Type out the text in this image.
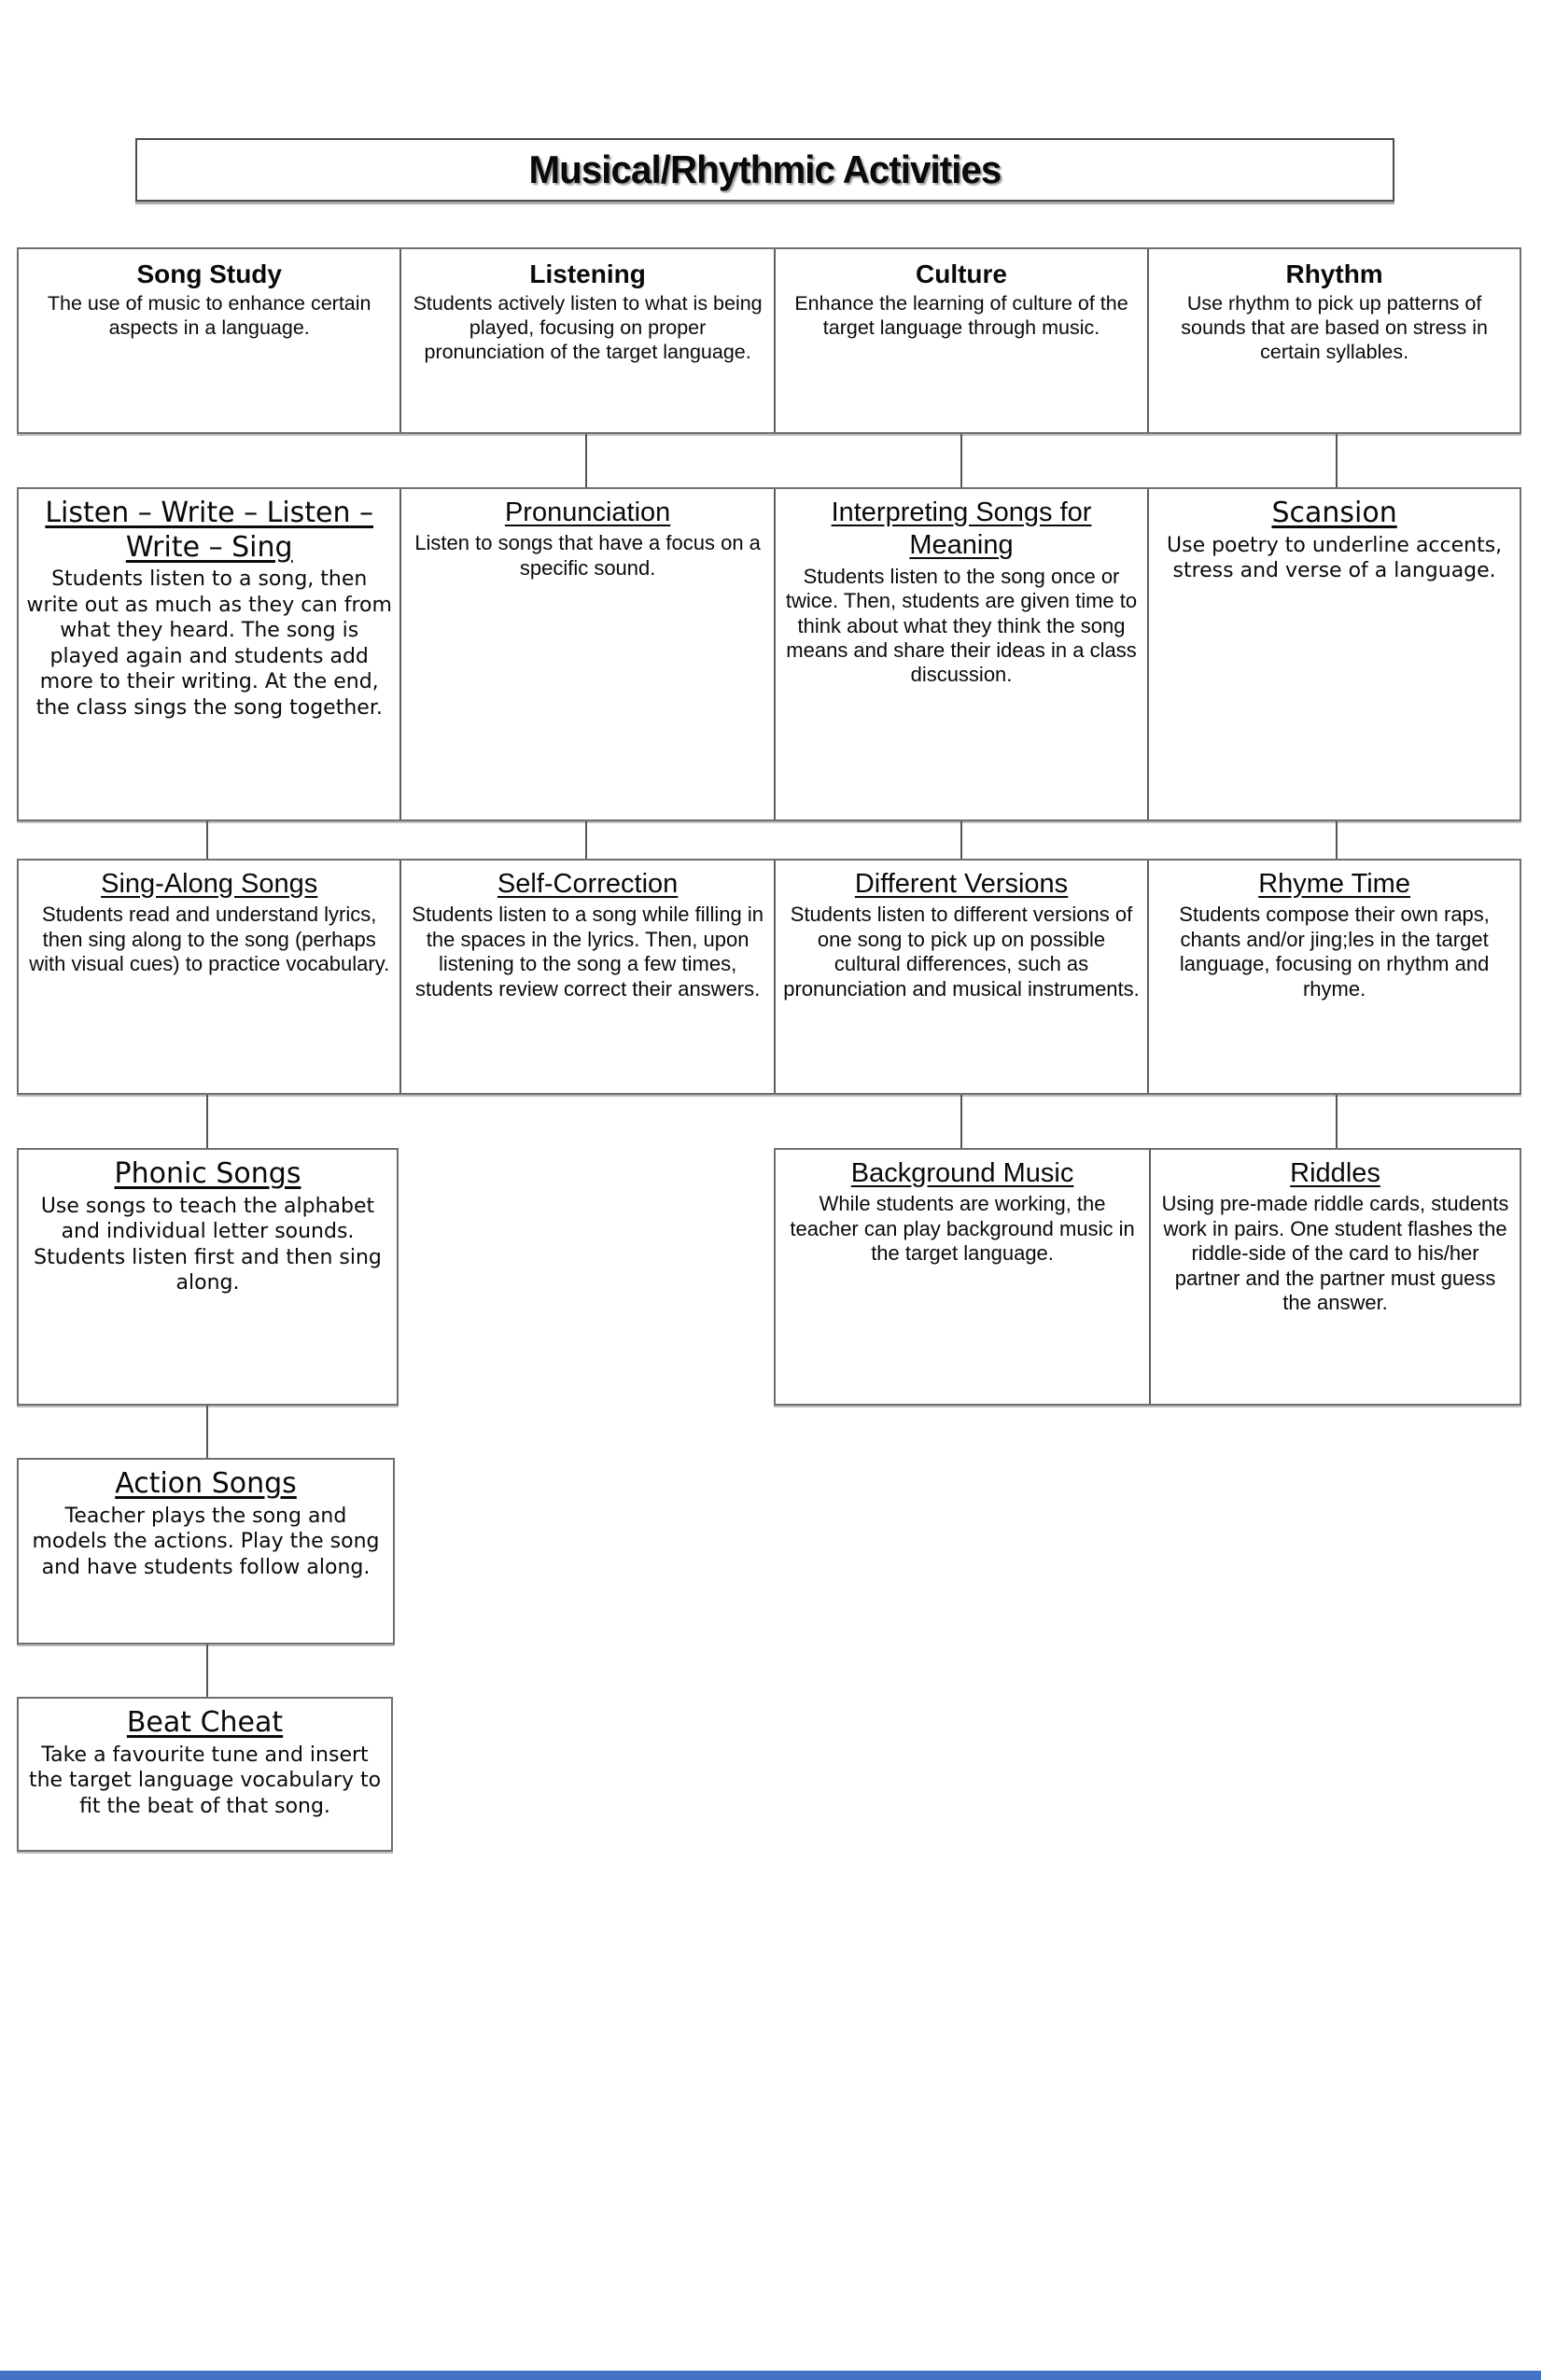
Musical/Rhythmic Activities
Song Study
The use of music to enhance certain aspects in a language.
Listening
Students actively listen to what is being played, focusing on proper pronunciation of the target language.
Culture
Enhance the learning of culture of the target language through music.
Rhythm
Use rhythm to pick up patterns of sounds that are based on stress in certain syllables.
Listen – Write – Listen – Write – Sing
Students listen to a song, then write out as much as they can from what they heard. The song is played again and students add more to their writing. At the end, the class sings the song together.
Pronunciation
Listen to songs that have a focus on a specific sound.
Interpreting Songs for Meaning
Students listen to the song once or twice. Then, students are given time to think about what they think the song means and share their ideas in a class discussion.
Scansion
Use poetry to underline accents, stress and verse of a language.
Sing-Along Songs
Students read and understand lyrics, then sing along to the song (perhaps with visual cues) to practice vocabulary.
Self-Correction
Students listen to a song while filling in the spaces in the lyrics. Then, upon listening to the song a few times, students review correct their answers.
Different Versions
Students listen to different versions of one song to pick up on possible cultural differences, such as pronunciation and musical instruments.
Rhyme Time
Students compose their own raps, chants and/or jing;les in the target language, focusing on rhythm and rhyme.
Phonic Songs
Use songs to teach the alphabet and individual letter sounds. Students listen first and then sing along.
Background Music
While students are working, the teacher can play background music in the target language.
Riddles
Using pre-made riddle cards, students work in pairs. One student flashes the riddle-side of the card to his/her partner and the partner must guess the answer.
Action Songs
Teacher plays the song and models the actions. Play the song and have students follow along.
Beat Cheat
Take a favourite tune and insert the target language vocabulary to fit the beat of that song.
